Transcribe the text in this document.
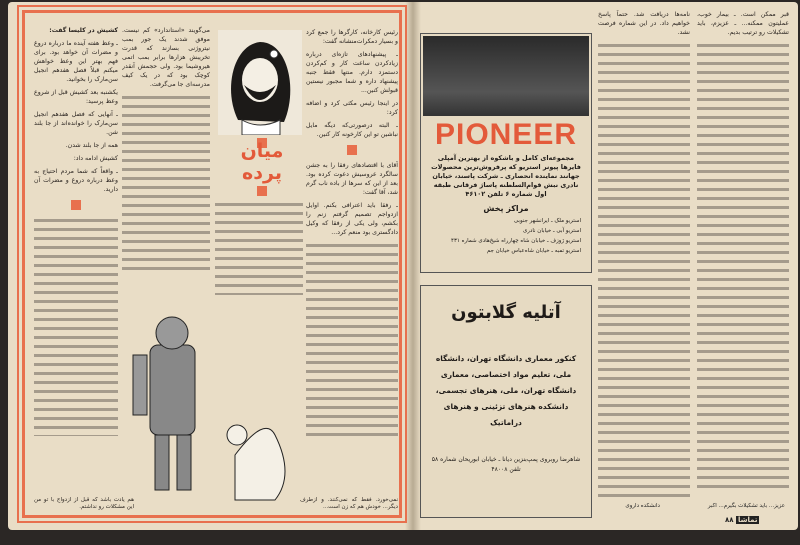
کشیش در کلیسا گفت:

ـ وعظ هفته آینده ما درباره دروغ و مضرات آن خواهد بود. برای فهم بهتر این وعظ خواهش میکنم قبلاً فصل هفدهم انجیل سن‌مارک را بخوانید.

یکشنبه بعد کشیش قبل از شروع وعظ پرسید:

ـ آنهایی که فصل هفدهم انجیل سن‌مارک را خوانده‌اند از جا بلند شن.

همه از جا بلند شدن.

کشیش ادامه داد:

ـ واقعاً که شما مردم احتیاج به وعظ درباره دروغ و مضرات آن دارید.

هم یادت باشد که قبل از ازدواج با تو من این مشکلات رو نداشتم.

می‌گویند «استاندارد» کم نیست. موفق شدند یک جور بمب نیتروژنی بسازند که قدرت تخریبش هزارها برابر بمب اتمی هیروشیما بود. ولی حجمش آنقدر کوچک بود که در یک کیف مدرسه‌ای جا می‌گرفت.

میان پرده

رئیس کارخانه، کارگرها را جمع کرد و بسیار دمکرات‌منشانه گفت:

ـ پیشنهادهای تازه‌ای درباره زیادکردن ساعت کار و کم‌کردن دستمزد دارم. منتها فقط جنبه پیشنهاد داره و شما مجبور نیستین قبولش کنین...

در اینجا رئیس مکثی کرد و اضافه کرد:

ـ البته درصورتی‌که دیگه مایل نباشین تو این کارخونه کار کنین.

آقای با اقتصادهای رفقا را به جشن سالگرد عروسیش دعوت کرده بود. بعد از این که سرها از باده ناب گرم شد، آقا گفت:

ـ رفقا باید اعترافی بکنم. اوایل ازدواجم تصمیم گرفتم زنم را بکشم، ولی یکی از رفقا که وکیل دادگستری بود منعم کرد...

نمی‌خورد. فقط که نمی‌کنند. و ازطرف دیگر... خودش هم که زن است...
PIONEER
مجموعه‌ای کامل و باشکوه از بهترین آمپلی فایرها پیونر استریو که پرفروش‌ترین محصولات جهانند نماینده انحصاری ـ شرکت پاسند، خیابان نادری نبش قوام‌السلطنه پاساژ فرقانی طبقه اول شماره ۶ تلفن ۴۶۱۰۲
مراکز پخش
استریو ملک ـ ایرانشهر جنوبی
استریو آبی ـ خیابان نادری
استریو ژوزف ـ خیابان شاه چهارراه شیخ‌هادی شماره ۴۳۱
استریو تمبه ـ خیابان شاه‌عباس خیابان جم
آتلیه گلابتون
کنکور معماری دانشگاه تهران، دانشگاه ملی، تعلیم مواد اختصاصی، معماری دانشگاه تهران، ملی، هنرهای تجسمی، دانشکده هنرهای تزئینی و هنرهای دراماتیک
شاهرضا روبروی پمپ‌بنزین دیانا ـ خیابان ابوریحان شماره ۵۸ تلفن ۴۸۰۰۸

نامه‌ها دریافت شد. حتماً پاسخ خواهیم داد. در این شماره فرصت نشد.

قبر ممکن است. ـ بیمار خوب، عملیتون ممکنه... ـ عزیزم، باید تشکیلات رو ترتیب بدیم.

عزیز... باید تشکیلات بگیرم... اکبر
دانشکده داروی
تماشا ۸۸
